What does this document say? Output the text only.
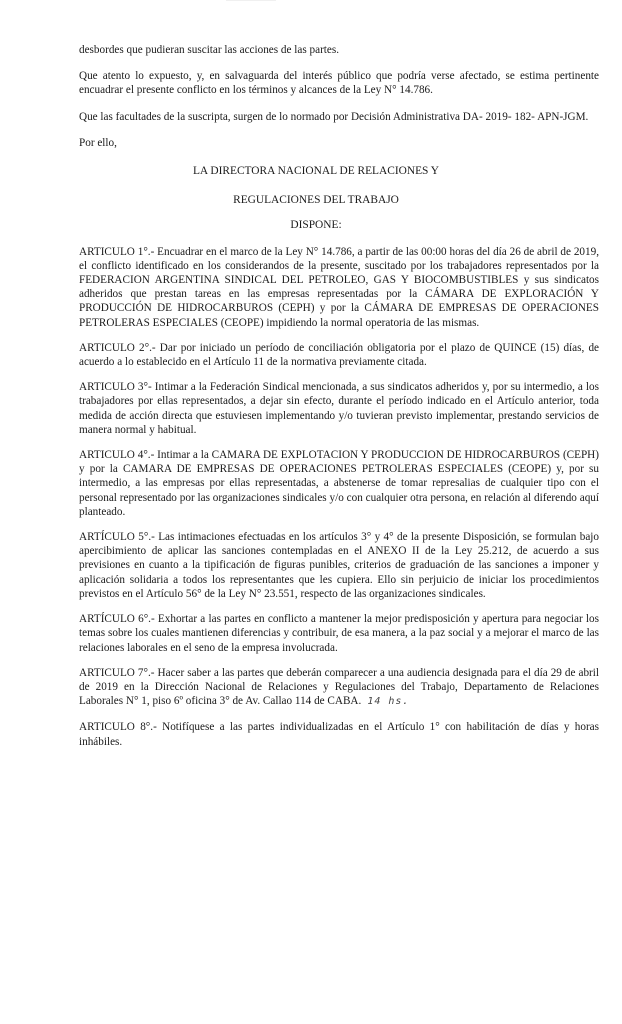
desbordes que pudieran suscitar las acciones de las partes.

Que atento lo expuesto, y, en salvaguarda del interés público que podría verse afectado, se estima pertinente encuadrar el presente conflicto en los términos y alcances de la Ley N° 14.786.

Que las facultades de la suscripta, surgen de lo normado por Decisión Administrativa DA- 2019- 182- APN-JGM.

Por ello,

LA DIRECTORA NACIONAL DE RELACIONES Y

REGULACIONES DEL TRABAJO

DISPONE:

ARTICULO 1°.- Encuadrar en el marco de la Ley N° 14.786, a partir de las 00:00 horas del día 26 de abril de 2019, el conflicto identificado en los considerandos de la presente, suscitado por los trabajadores representados por la FEDERACION ARGENTINA SINDICAL DEL PETROLEO, GAS Y BIOCOMBUSTIBLES y sus sindicatos adheridos que prestan tareas en las empresas representadas por la CÁMARA DE EXPLORACIÓN Y PRODUCCIÓN DE HIDROCARBUROS (CEPH) y por la CÁMARA DE EMPRESAS DE OPERACIONES PETROLERAS ESPECIALES (CEOPE) impidiendo la normal operatoria de las mismas.

ARTICULO 2°.- Dar por iniciado un período de conciliación obligatoria por el plazo de QUINCE (15) días, de acuerdo a lo establecido en el Artículo 11 de la normativa previamente citada.

ARTICULO 3°- Intimar a la Federación Sindical mencionada, a sus sindicatos adheridos y, por su intermedio, a los trabajadores por ellas representados, a dejar sin efecto, durante el período indicado en el Artículo anterior, toda medida de acción directa que estuviesen implementando y/o tuvieran previsto implementar, prestando servicios de manera normal y habitual.

ARTICULO 4°.- Intimar a la CAMARA DE EXPLOTACION Y PRODUCCION DE HIDROCARBUROS (CEPH) y por la CAMARA DE EMPRESAS DE OPERACIONES PETROLERAS ESPECIALES (CEOPE) y, por su intermedio, a las empresas por ellas representadas, a abstenerse de tomar represalias de cualquier tipo con el personal representado por las organizaciones sindicales y/o con cualquier otra persona, en relación al diferendo aquí planteado.

ARTÍCULO 5°.- Las intimaciones efectuadas en los artículos 3° y 4° de la presente Disposición, se formulan bajo apercibimiento de aplicar las sanciones contempladas en el ANEXO II de la Ley 25.212, de acuerdo a sus previsiones en cuanto a la tipificación de figuras punibles, criterios de graduación de las sanciones a imponer y aplicación solidaria a todos los representantes que les cupiera. Ello sin perjuicio de iniciar los procedimientos previstos en el Artículo 56° de la Ley N° 23.551, respecto de las organizaciones sindicales.

ARTÍCULO 6°.- Exhortar a las partes en conflicto a mantener la mejor predisposición y apertura para negociar los temas sobre los cuales mantienen diferencias y contribuir, de esa manera, a la paz social y a mejorar el marco de las relaciones laborales en el seno de la empresa involucrada.

ARTICULO 7°.- Hacer saber a las partes que deberán comparecer a una audiencia designada para el día 29 de abril de 2019 en la Dirección Nacional de Relaciones y Regulaciones del Trabajo, Departamento de Relaciones Laborales N° 1, piso 6º oficina 3° de Av. Callao 114 de CABA. 14 hs.

ARTICULO 8°.- Notifíquese a las partes individualizadas en el Artículo 1° con habilitación de días y horas inhábiles.
